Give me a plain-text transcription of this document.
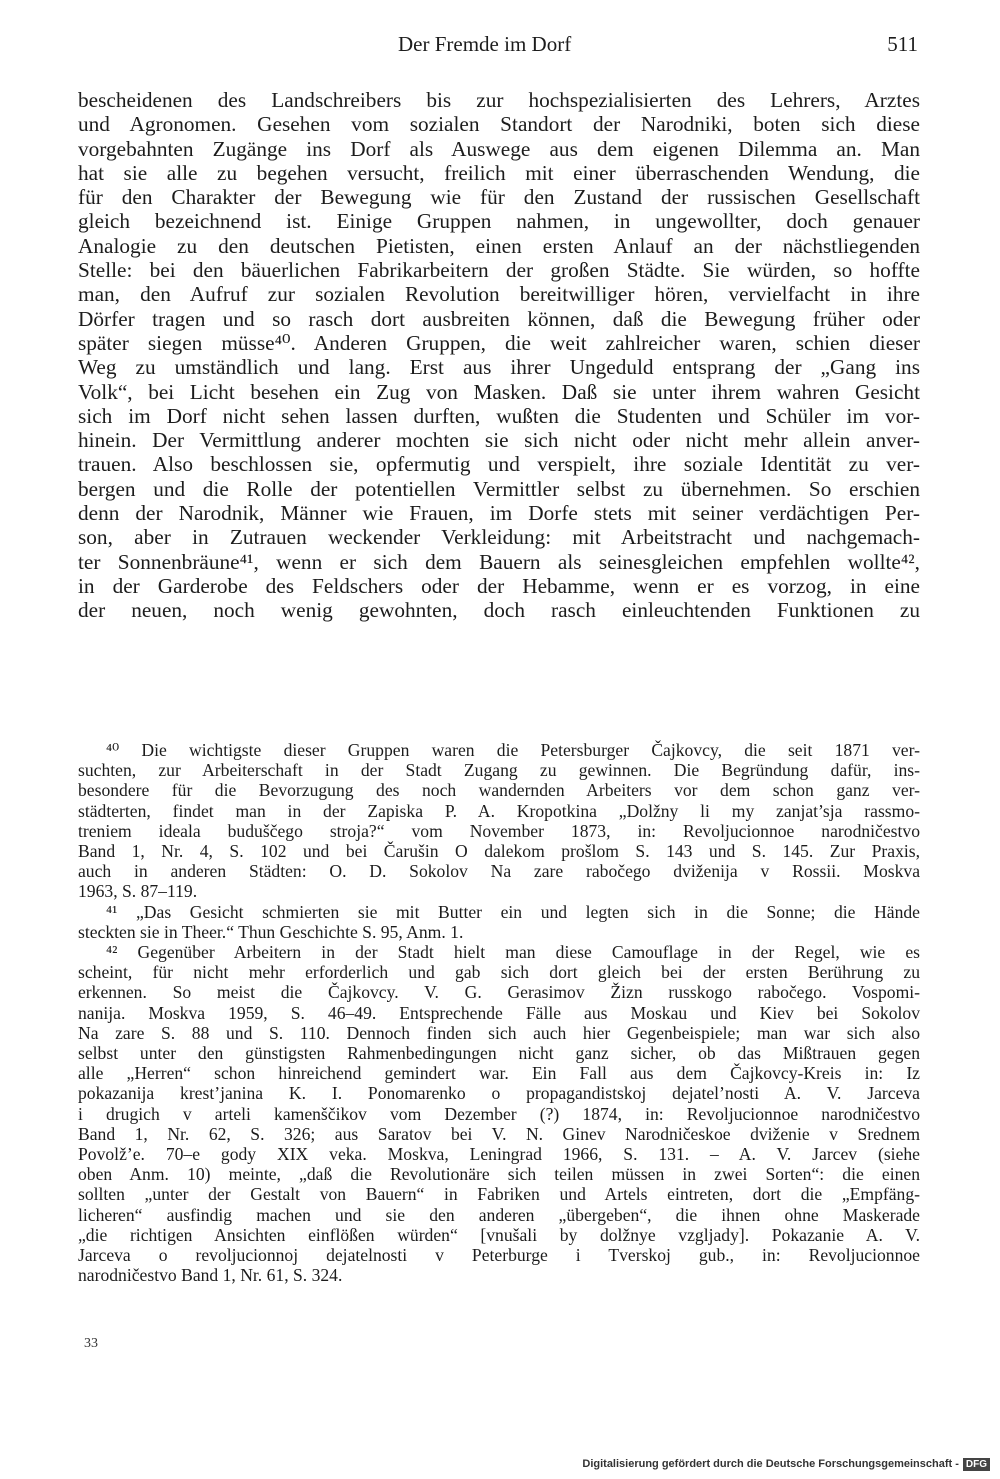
Der Fremde im Dorf	511
bescheidenen des Landschreibers bis zur hochspezialisierten des Lehrers, Arztes
und Agronomen. Gesehen vom sozialen Standort der Narodniki, boten sich diese
vorgebahnten Zugänge ins Dorf als Auswege aus dem eigenen Dilemma an. Man
hat sie alle zu begehen versucht, freilich mit einer überraschenden Wendung, die
für den Charakter der Bewegung wie für den Zustand der russischen Gesellschaft
gleich bezeichnend ist. Einige Gruppen nahmen, in ungewollter, doch genauer
Analogie zu den deutschen Pietisten, einen ersten Anlauf an der nächstliegenden
Stelle: bei den bäuerlichen Fabrikarbeitern der großen Städte. Sie würden, so hoffte
man, den Aufruf zur sozialen Revolution bereitwilliger hören, vervielfacht in ihre
Dörfer tragen und so rasch dort ausbreiten können, daß die Bewegung früher oder
später siegen müsse⁴⁰. Anderen Gruppen, die weit zahlreicher waren, schien dieser
Weg zu umständlich und lang. Erst aus ihrer Ungeduld entsprang der „Gang ins
Volk“, bei Licht besehen ein Zug von Masken. Daß sie unter ihrem wahren Gesicht
sich im Dorf nicht sehen lassen durften, wußten die Studenten und Schüler im vor-
hinein. Der Vermittlung anderer mochten sie sich nicht oder nicht mehr allein anver-
trauen. Also beschlossen sie, opfermutig und verspielt, ihre soziale Identität zu ver-
bergen und die Rolle der potentiellen Vermittler selbst zu übernehmen. So erschien
denn der Narodnik, Männer wie Frauen, im Dorfe stets mit seiner verdächtigen Per-
son, aber in Zutrauen weckender Verkleidung: mit Arbeitstracht und nachgemach-
ter Sonnenbräune⁴¹, wenn er sich dem Bauern als seinesgleichen empfehlen wollte⁴²,
in der Garderobe des Feldschers oder der Hebamme, wenn er es vorzog, in eine
der neuen, noch wenig gewohnten, doch rasch einleuchtenden Funktionen zu
⁴⁰ Die wichtigste dieser Gruppen waren die Petersburger Čajkovcy, die seit 1871 ver-
suchten, zur Arbeiterschaft in der Stadt Zugang zu gewinnen. Die Begründung dafür, ins-
besondere für die Bevorzugung des noch wandernden Arbeiters vor dem schon ganz ver-
städterten, findet man in der Zapiska P. A. Kropotkina „Dolžny li my zanjat’sja rassmo-
treniem ideala buduščego stroja?“ vom November 1873, in: Revoljucionnoe narodničestvo
Band 1, Nr. 4, S. 102 und bei Čarušin O dalekom prošlom S. 143 und S. 145. Zur Praxis,
auch in anderen Städten: O. D. Sokolov Na zare rabočego dviženija v Rossii. Moskva
1963, S. 87–119.
⁴¹ „Das Gesicht schmierten sie mit Butter ein und legten sich in die Sonne; die Hände
steckten sie in Theer.“ Thun Geschichte S. 95, Anm. 1.
⁴² Gegenüber Arbeitern in der Stadt hielt man diese Camouflage in der Regel, wie es
scheint, für nicht mehr erforderlich und gab sich dort gleich bei der ersten Berührung zu
erkennen. So meist die Čajkovcy. V. G. Gerasimov Žizn russkogo rabočego. Vospomi-
nanija. Moskva 1959, S. 46–49. Entsprechende Fälle aus Moskau und Kiev bei Sokolov
Na zare S. 88 und S. 110. Dennoch finden sich auch hier Gegenbeispiele; man war sich also
selbst unter den günstigsten Rahmenbedingungen nicht ganz sicher, ob das Mißtrauen gegen
alle „Herren“ schon hinreichend gemindert war. Ein Fall aus dem Čajkovcy-Kreis in: Iz
pokazanija krest’janina K. I. Ponomarenko o propagandistskoj dejatel’nosti A. V. Jarceva
i drugich v arteli kamenščikov vom Dezember (?) 1874, in: Revoljucionnoe narodničestvo
Band 1, Nr. 62, S. 326; aus Saratov bei V. N. Ginev Narodničeskoe dviženie v Srednem
Povolž’e. 70–e gody XIX veka. Moskva, Leningrad 1966, S. 131. – A. V. Jarcev (siehe
oben Anm. 10) meinte, „daß die Revolutionäre sich teilen müssen in zwei Sorten“: die einen
sollten „unter der Gestalt von Bauern“ in Fabriken und Artels eintreten, dort die „Empfäng-
licheren“ ausfindig machen und sie den anderen „übergeben“, die ihnen ohne Maskerade
„die richtigen Ansichten einflößen würden“ [vnušali by dolžnye vzgljady]. Pokazanie A. V.
Jarceva o revoljucionnoj dejatelnosti v Peterburge i Tverskoj gub., in: Revoljucionnoe
narodničestvo Band 1, Nr. 61, S. 324.
33
Digitalisierung gefördert durch die Deutsche Forschungsgemeinschaft - DFG
